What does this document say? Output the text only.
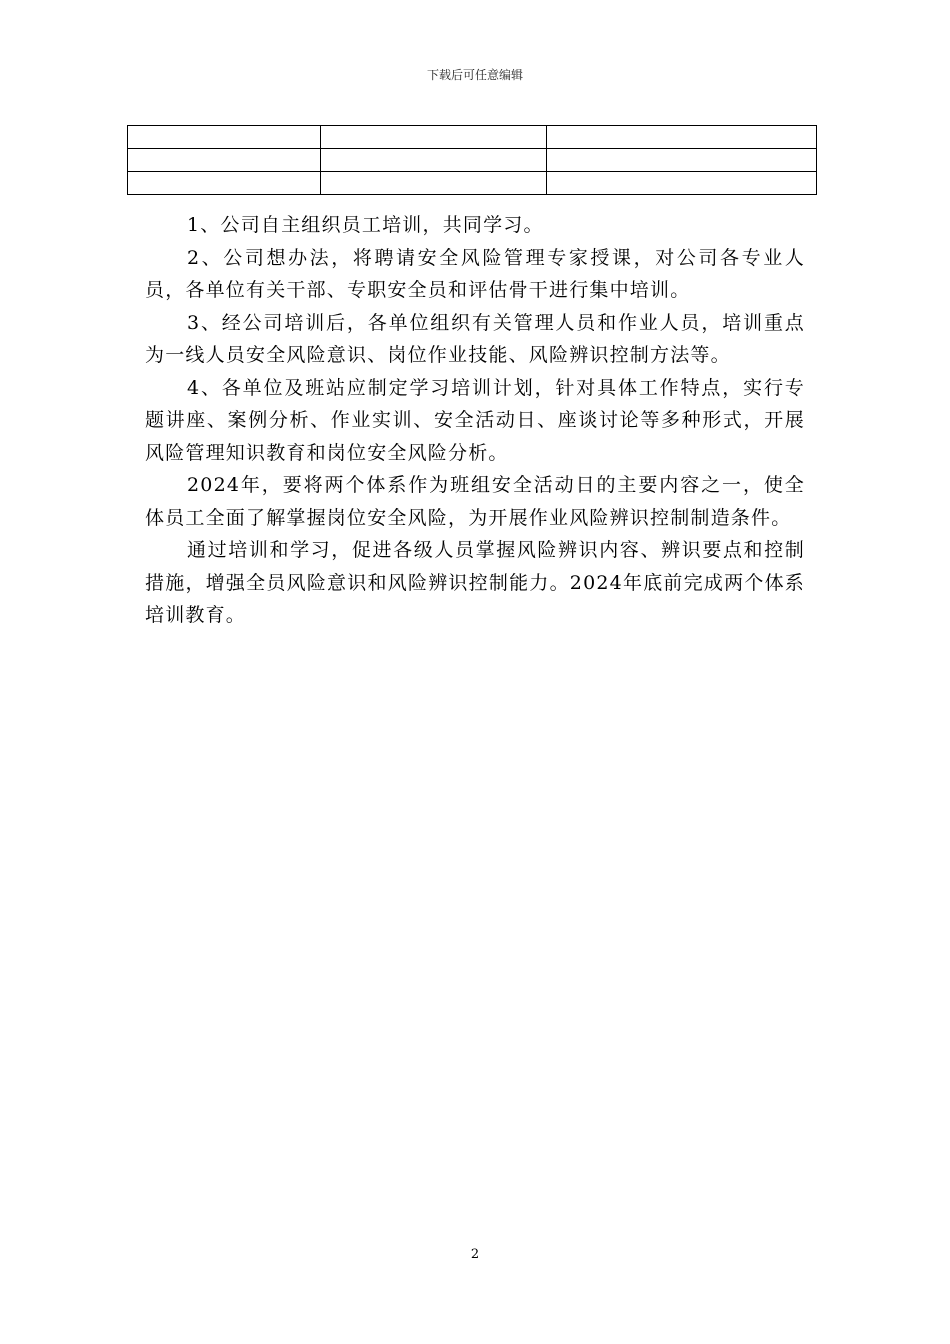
下载后可任意编辑

1、公司自主组织员工培训，共同学习。

2、公司想办法，将聘请安全风险管理专家授课，对公司各专业人员，各单位有关干部、专职安全员和评估骨干进行集中培训。

3、经公司培训后，各单位组织有关管理人员和作业人员，培训重点为一线人员安全风险意识、岗位作业技能、风险辨识控制方法等。

4、各单位及班站应制定学习培训计划，针对具体工作特点，实行专题讲座、案例分析、作业实训、安全活动日、座谈讨论等多种形式，开展风险管理知识教育和岗位安全风险分析。

2024年，要将两个体系作为班组安全活动日的主要内容之一，使全体员工全面了解掌握岗位安全风险，为开展作业风险辨识控制制造条件。

通过培训和学习，促进各级人员掌握风险辨识内容、辨识要点和控制措施，增强全员风险意识和风险辨识控制能力。2024年底前完成两个体系培训教育。

2
